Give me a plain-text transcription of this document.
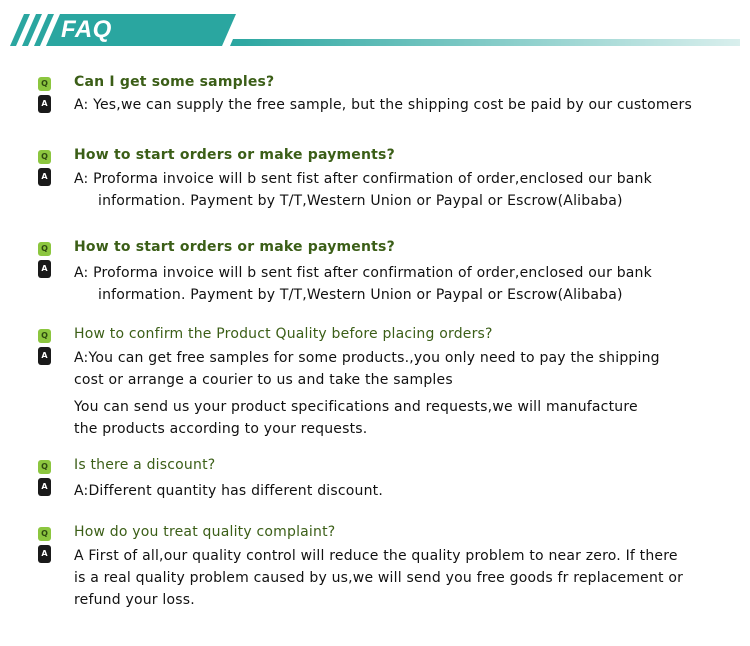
FAQ
Q
A
Can I get some samples?
A: Yes,we can supply the free sample, but the shipping cost be paid by our customers
Q
A
How to start orders or make payments?
A: Proforma invoice will b sent fist after confirmation of order,enclosed our bank
information. Payment by T/T,Western Union or Paypal or Escrow(Alibaba)
Q
A
How to start orders or make payments?
A: Proforma invoice will b sent fist after confirmation of order,enclosed our bank
information. Payment by T/T,Western Union or Paypal or Escrow(Alibaba)
Q
A
How to confirm the Product Quality before placing orders?
A:You can get free samples for some products.,you only need to pay the shipping
cost or arrange a courier to us and take the samples
You can send us your product specifications and requests,we will manufacture
the products according to your requests.
Q
A
Is there a discount?
A:Different quantity has different discount.
Q
A
How do you treat quality complaint?
A First of all,our quality control will reduce the quality problem to near zero. If there
is a real quality problem caused by us,we will send you free goods fr replacement or
refund your loss.
